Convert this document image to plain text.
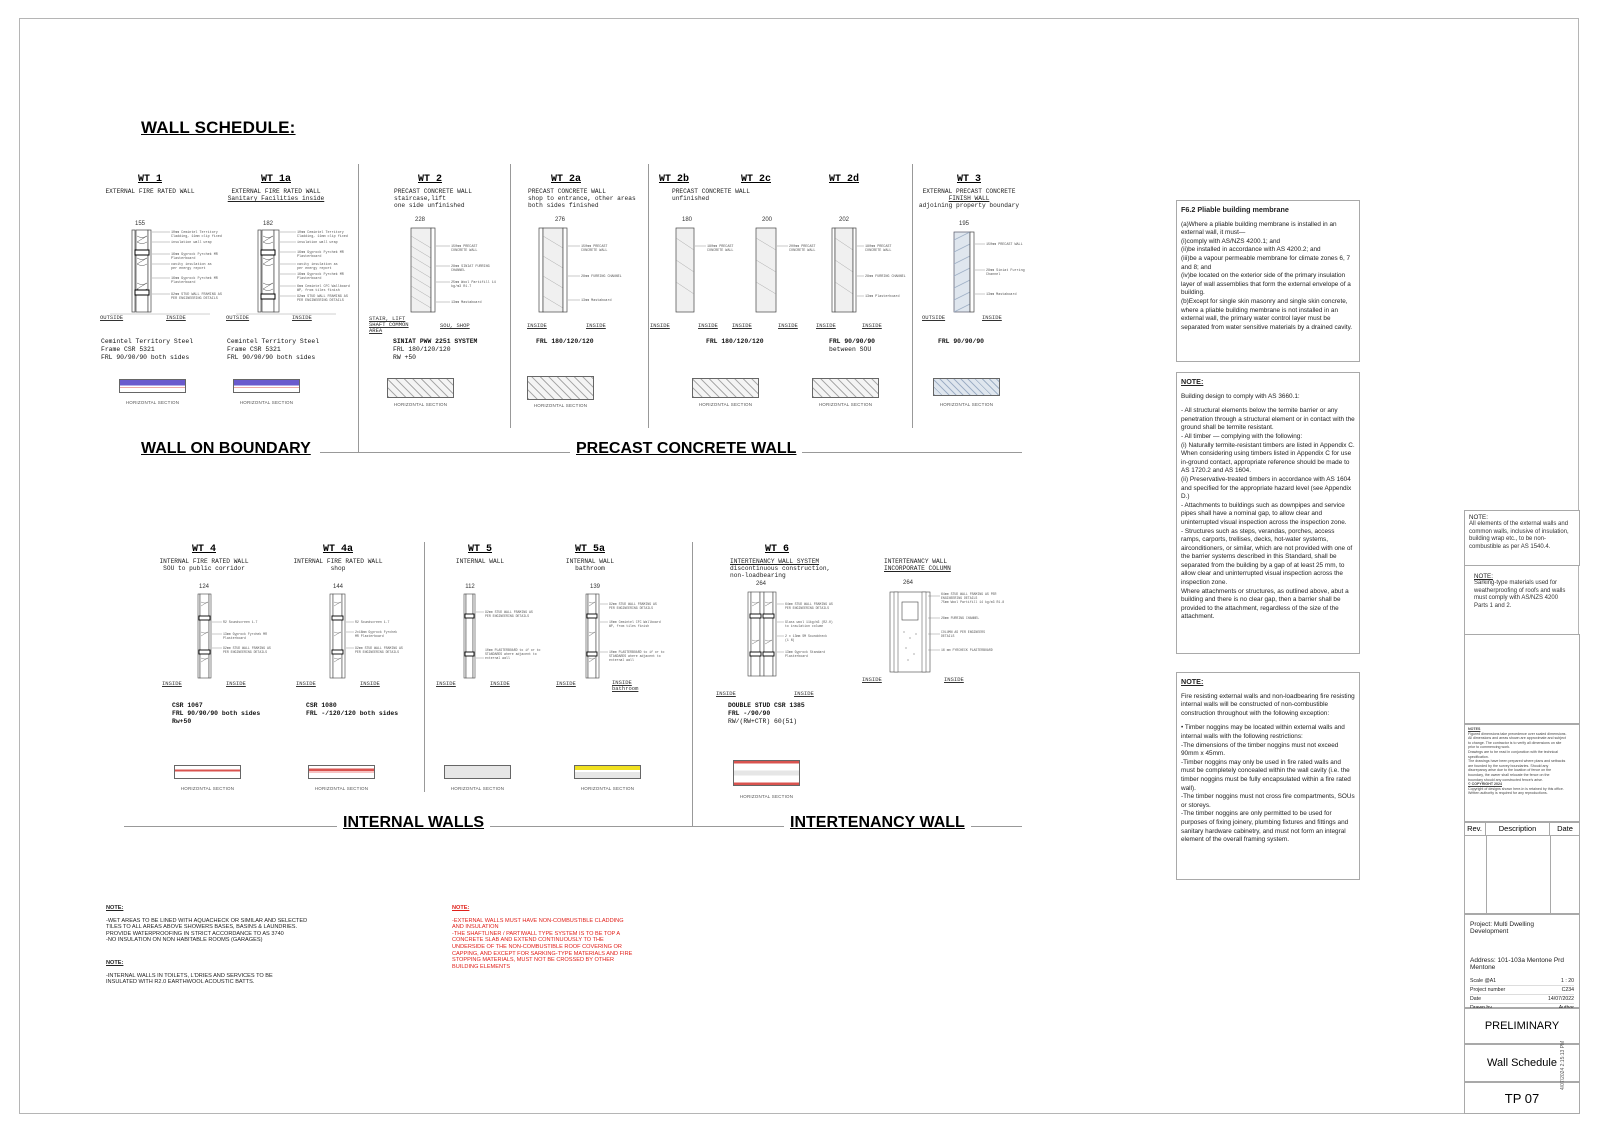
WALL SCHEDULE:
WALL ON BOUNDARY	PRECAST CONCRETE WALL
WT 1
EXTERNAL FIRE RATED WALL
155
10mm Cemintel Territory
Cladding, 11mm clip fixed
insulation wall wrap
16mm Gyprock Fyrchek MR
Plasterboard
cavity insulation as
per energy report
16mm Gyprock Fyrchek MR
Plasterboard
92mm STUD WALL FRAMING AS
PER ENGINEERING DETAILS
OUTSIDE	INSIDE
Cemintel Territory Steel
Frame CSR 5321
FRL 90/90/90 both sides
HORIZONTAL SECTION
WT 1a
EXTERNAL FIRE RATED WALL
Sanitary Facilities inside
182
10mm Cemintel Territory
Cladding, 11mm clip fixed
insulation wall wrap
16mm Gyprock Fyrchek MR
Plasterboard
cavity insulation as
per energy report
16mm Gyprock Fyrchek MR
Plasterboard
6mm Cemintel CFC Wallboard
WP, from tiles finish
92mm STUD WALL FRAMING AS
PER ENGINEERING DETAILS
OUTSIDE	INSIDE
Cemintel Territory Steel
Frame CSR 5321
FRL 90/90/90 both sides
HORIZONTAL SECTION
WT 2
PRECAST CONCRETE WALL
staircase,lift
one side unfinished
228
150mm PRECAST
CONCRETE WALL
28mm SINIAT FURRING
CHANNEL
25mm Wool Partifill 14
kg/m3 R1.7
13mm Mastaboard
STAIR, LIFT SHAFT COMMON AREA
SOU, SHOP
SINIAT PWW 2251 SYSTEM
FRL 180/120/120
RW +50
HORIZONTAL SECTION
WT 2a
PRECAST CONCRETE WALL
shop to entrance, other areas
both sides finished
276
150mm PRECAST
CONCRETE WALL
28mm FURRING CHANNEL
13mm Mastaboard
INSIDE	INSIDE
FRL 180/120/120
HORIZONTAL SECTION
WT 2b	WT 2c
PRECAST CONCRETE WALL
unfinished
180	200
180mm PRECAST
CONCRETE WALL
200mm PRECAST
CONCRETE WALL
INSIDE	INSIDE	INSIDE	INSIDE
FRL 180/120/120
HORIZONTAL SECTION
WT 2d
202
180mm PRECAST
CONCRETE WALL
28mm FURRING CHANNEL
13mm Plasterboard
INSIDE	INSIDE
FRL 90/90/90
between SOU
HORIZONTAL SECTION
WT 3
EXTERNAL PRECAST CONCRETE
FINISH WALL
adjoining property boundary
195
150mm PRECAST WALL
28mm Siniat Furring
Channel
13mm Mastaboard
OUTSIDE	INSIDE
FRL 90/90/90
HORIZONTAL SECTION
INTERNAL WALLS	INTERTENANCY WALL
WT 4
INTERNAL FIRE RATED WALL
SOU to public corridor
124
R2 Soundscreen 1.7
13mm Gyprock Fyrchek MR
Plasterboard
92mm STUD WALL FRAMING AS
PER ENGINEERING DETAILS
INSIDE	INSIDE
CSR 1067
FRL 90/90/90 both sides
Rw+50
HORIZONTAL SECTION
WT 4a
INTERNAL FIRE RATED WALL
shop
144
R2 Soundscreen 1.7
2x16mm Gyprock Fyrchek
MR Plasterboard
92mm STUD WALL FRAMING AS
PER ENGINEERING DETAILS
INSIDE	INSIDE
CSR 1080
FRL -/120/120 both sides
HORIZONTAL SECTION
WT 5
INTERNAL WALL
112
92mm STUD WALL FRAMING AS
PER ENGINEERING DETAILS
10mm PLASTERBOARD to if or to
STANDARDS where adjacent to
external wall
INSIDE	INSIDE
HORIZONTAL SECTION
WT 5a
INTERNAL WALL
bathroom
139
92mm STUD WALL FRAMING AS
PER ENGINEERING DETAILS
10mm Cemintel CFC Wallboard
WP, from tiles finish
10mm PLASTERBOARD to if or to
STANDARDS where adjacent to
external wall
INSIDE	INSIDE bathroom
HORIZONTAL SECTION
WT 6
INTERTENANCY WALL SYSTEM
discontinuous construction,
non-loadbearing
264
64mm STUD WALL FRAMING AS
PER ENGINEERING DETAILS
Glass wool 11kg/m3 (R2.0)
to insulation column
2 x 13mm SM Soundcheck
(1 N)
13mm Gyprock Standard
Plasterboard
INSIDE	INSIDE
DOUBLE STUD CSR 1385
FRL -/90/90
RW/(RW+CTR) 60(51)
HORIZONTAL SECTION
INTERTENANCY WALL
INCORPORATE COLUMN
264
64mm STUD WALL FRAMING AS PER
ENGINEERING DETAILS
75mm Wool Partifill 14 kg/m3 R1.8
28mm FURRING CHANNEL
COLUMN AS PER ENGINEERS
DETAILS
16 mm FYRCHECK PLASTERBOARD
INSIDE	INSIDE
NOTE:
-WET AREAS TO BE LINED WITH AQUACHECK OR SIMILAR AND SELECTED
TILES TO ALL AREAS ABOVE SHOWERS BASES, BASINS & LAUNDRIES.
PROVIDE WATERPROOFING IN STRICT ACCORDANCE TO AS 3740
-NO INSULATION ON NON HABITABLE ROOMS (GARAGES)
NOTE:
-INTERNAL WALLS IN TOILETS, L'DRIES AND SERVICES TO BE
INSULATED WITH R2.0 EARTHWOOL ACOUSTIC BATTS.
NOTE:
-EXTERNAL WALLS MUST HAVE NON-COMBUSTIBLE CLADDING
AND INSULATION
-THE SHAFTLINER / PARTIWALL TYPE SYSTEM IS TO BE TOP A
CONCRETE SLAB AND EXTEND CONTINUOUSLY TO THE
UNDERSIDE OF THE NON-COMBUSTIBLE ROOF COVERING OR
CAPPING, AND EXCEPT FOR SARKING-TYPE MATERIALS AND FIRE
STOPPING MATERIALS, MUST NOT BE CROSSED BY OTHER
BUILDING ELEMENTS
F6.2 Pliable building membrane

(a)Where a pliable building membrane is installed in an external wall, it must—

(i)comply with AS/NZS 4200.1; and

(ii)be installed in accordance with AS 4200.2; and

(iii)be a vapour permeable membrane for climate zones 6, 7 and 8; and

(iv)be located on the exterior side of the primary insulation layer of wall assemblies that form the external envelope of a building.

(b)Except for single skin masonry and single skin concrete, where a pliable building membrane is not installed in an external wall, the primary water control layer must be separated from water sensitive materials by a drained cavity.

NOTE:

Building design to comply with AS 3660.1:

- All structural elements below the termite barrier or any penetration through a structural element or in contact with the ground shall be termite resistant.

- All timber — complying with the following:

(i) Naturally termite-resistant timbers are listed in Appendix C. When considering using timbers listed in Appendix C for use in-ground contact, appropriate reference should be made to AS 1720.2 and AS 1604.

(ii) Preservative-treated timbers in accordance with AS 1604 and specified for the appropriate hazard level (see Appendix D.)

- Attachments to buildings such as downpipes and service pipes shall have a nominal gap, to allow clear and uninterrupted visual inspection across the inspection zone.

- Structures such as steps, verandas, porches, access ramps, carports, trellises, decks, hot-water systems, airconditioners, or similar, which are not provided with one of the barrier systems described in this Standard, shall be separated from the building by a gap of at least 25 mm, to allow clear and uninterrupted visual inspection across the inspection zone.

Where attachments or structures, as outlined above, abut a building and there is no clear gap, then a barrier shall be provided to the attachment, regardless of the size of the attachment.

NOTE:

Fire resisting external walls and non-loadbearing fire resisting internal walls will be constructed of non-combustible construction throughout with the following exception:

• Timber noggins may be located within external walls and internal walls with the following restrictions:

-The dimensions of the timber noggins must not exceed 90mm x 45mm.

-Timber noggins may only be used in fire rated walls and must be completely concealed within the wall cavity (i.e. the timber noggins must be fully encapsulated within a fire rated wall).

-The timber noggins must not cross fire compartments, SOUs or storeys.

-The timber noggins are only permitted to be used for purposes of fixing joinery, plumbing fixtures and fittings and sanitary hardware cabinetry, and must not form an integral element of the overall framing system.

NOTE:
All elements of the external walls and common walls, inclusive of insulation, building wrap etc., to be non-combustible as per AS 1540.4.
NOTE:
Sarking-type materials used for weatherproofing of roofs and walls must comply with AS/NZS 4200 Parts 1 and 2.
NOTES
Figured dimensions take precedence over scaled dimensions.
All dimensions and areas shown are approximate and subject
to change. The contractor is to verify all dimensions on site
prior to commencing work.
Drawings are to be read in conjunction with the technical
specification.
The drawings have been prepared where plans and setbacks
are founded by the survey boundaries. Should any
discrepancy arise due to the location of fence on the
boundary, the owner shall relocate the fence on the
boundary should any constructed fence's arise.
© COPYRIGHT 2024
Copyright of designs shown here-in is retained by this office.
Written authority is required for any reproductions.
Rev.	Description	Date
Project: Multi Dwelling Development
Address: 101-103a Mentone Prd Mentone
Scale @A1	1 : 20
Project number	C234
Date	14/07/2022
PRELIMINARY
Wall Schedule
TP 07
4/07/2024 2:15:13 PM
